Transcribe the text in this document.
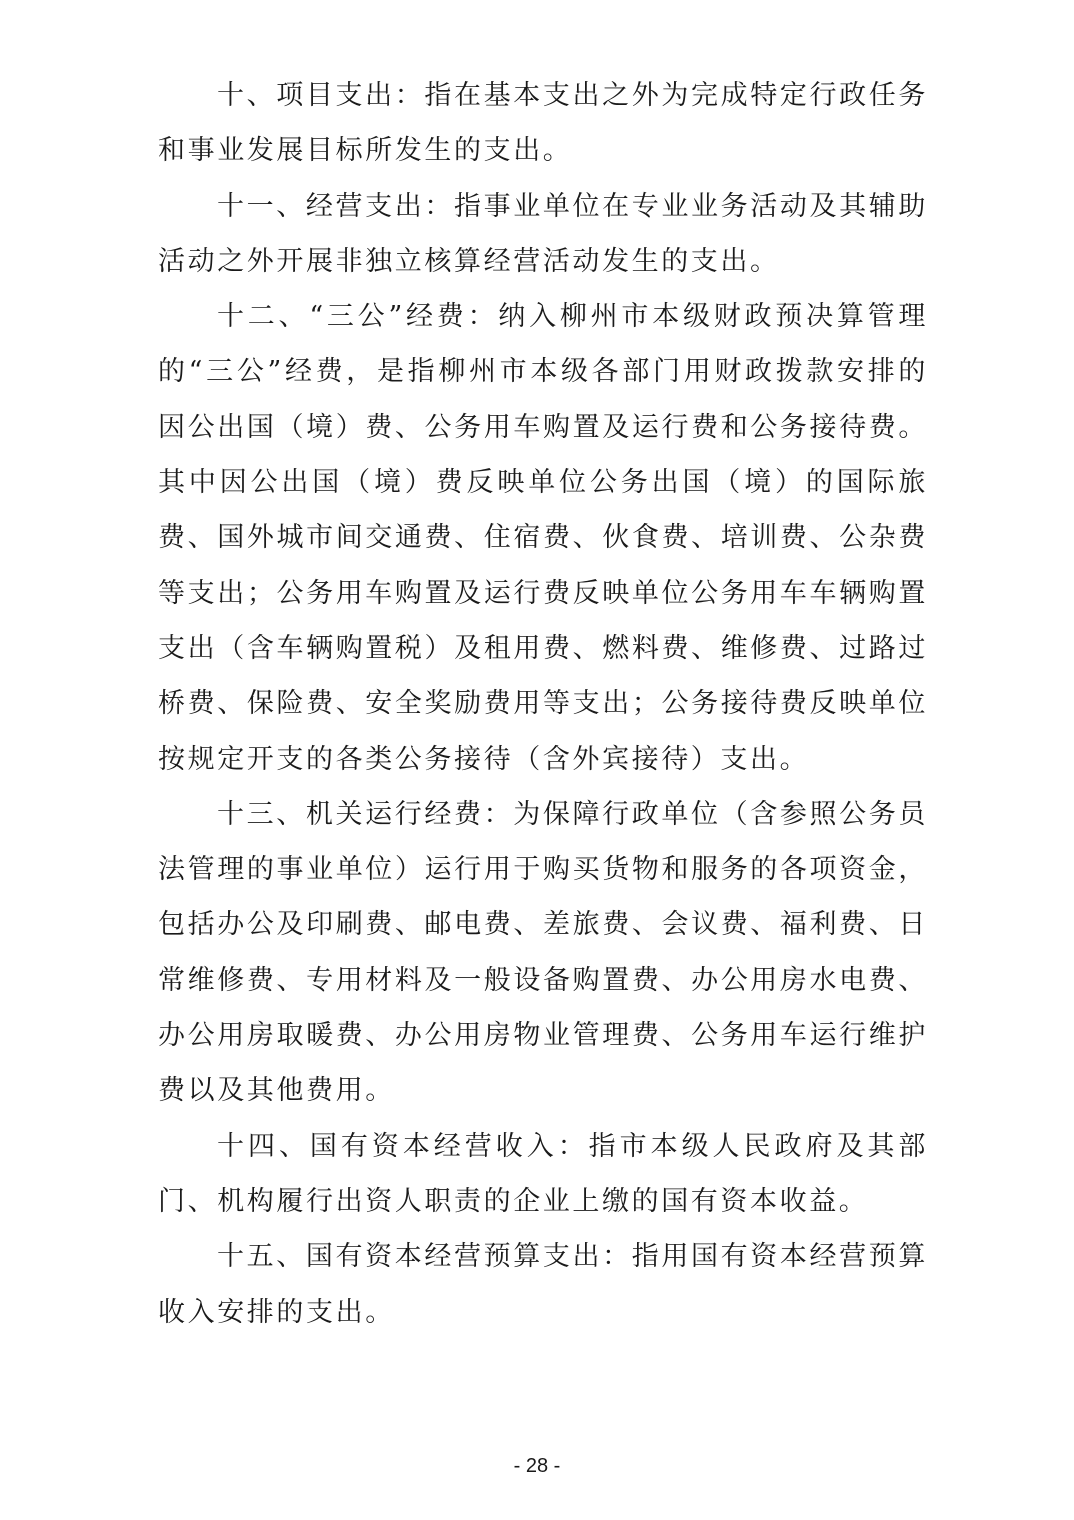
十、项目支出：指在基本支出之外为完成特定行政任务和事业发展目标所发生的支出。

十一、经营支出：指事业单位在专业业务活动及其辅助活动之外开展非独立核算经营活动发生的支出。

十二、“三公”经费：纳入柳州市本级财政预决算管理的“三公”经费，是指柳州市本级各部门用财政拨款安排的因公出国（境）费、公务用车购置及运行费和公务接待费。其中因公出国（境）费反映单位公务出国（境）的国际旅费、国外城市间交通费、住宿费、伙食费、培训费、公杂费等支出；公务用车购置及运行费反映单位公务用车车辆购置支出（含车辆购置税）及租用费、燃料费、维修费、过路过桥费、保险费、安全奖励费用等支出；公务接待费反映单位按规定开支的各类公务接待（含外宾接待）支出。

十三、机关运行经费：为保障行政单位（含参照公务员法管理的事业单位）运行用于购买货物和服务的各项资金，包括办公及印刷费、邮电费、差旅费、会议费、福利费、日常维修费、专用材料及一般设备购置费、办公用房水电费、办公用房取暖费、办公用房物业管理费、公务用车运行维护费以及其他费用。

十四、国有资本经营收入：指市本级人民政府及其部门、机构履行出资人职责的企业上缴的国有资本收益。

十五、国有资本经营预算支出：指用国有资本经营预算收入安排的支出。

- 28 -
